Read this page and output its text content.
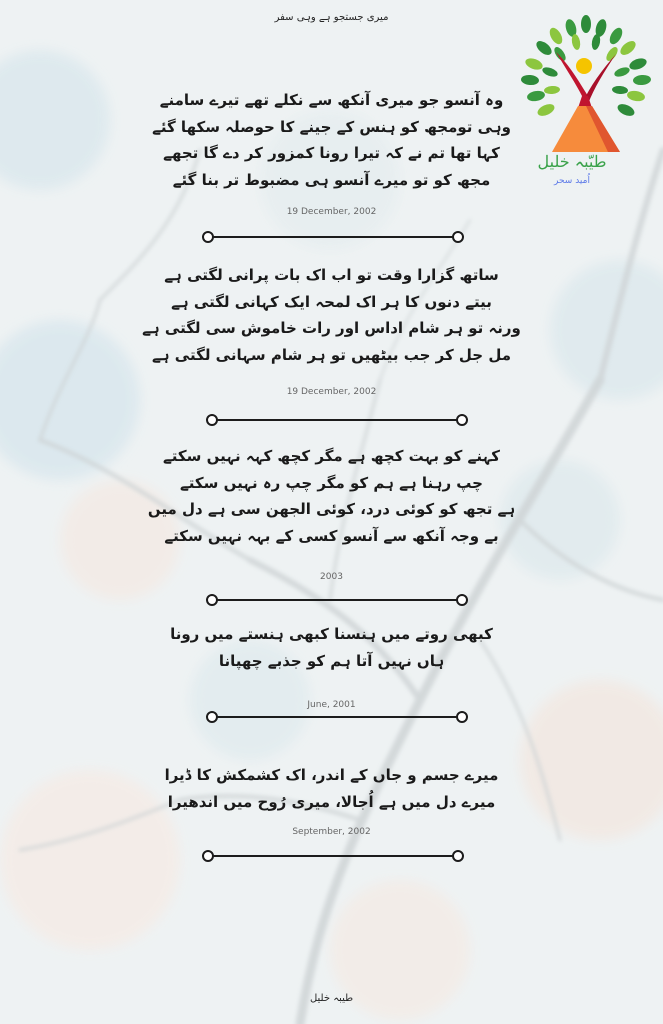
میری جستجو ہے وہی سفر
طیّبہ خلیل
اُمید سحر
وہ آنسو جو میری آنکھ سے نکلے تھے تیرے سامنے
وہی تومجھ کو ہنس کے جینے کا حوصلہ سکھا گئے
کہا تھا تم نے کہ تیرا رونا کمزور کر دے گا تجھے
مجھ کو تو میرے آنسو ہی مضبوط تر بنا گئے
19 December, 2002
ساتھ گزارا وقت تو اب اک بات پرانی لگتی ہے
بیتے دنوں کا ہر اک لمحہ ایک کہانی لگتی ہے
ورنہ تو ہر شام اداس اور رات خاموش سی لگتی ہے
مل جل کر جب بیٹھیں تو ہر شام سہانی لگتی ہے
19 December, 2002
کہنے کو بہت کچھ ہے مگر کچھ کہہ نہیں سکتے
چپ رہنا ہے ہم کو مگر چپ رہ نہیں سکتے
ہے تجھ کو کوئی درد، کوئی الجھن سی ہے دل میں
بے وجہ آنکھ سے آنسو کسی کے بہہ نہیں سکتے
2003
کبھی روتے میں ہنسنا کبھی ہنستے میں رونا
ہاں نہیں آتا ہم کو جذبے چھپانا
June, 2001
میرے جسم و جاں کے اندر، اک کشمکش کا ڈیرا
میرے دل میں ہے اُجالا، میری رُوح میں اندھیرا
September, 2002
طیبہ خلیل
